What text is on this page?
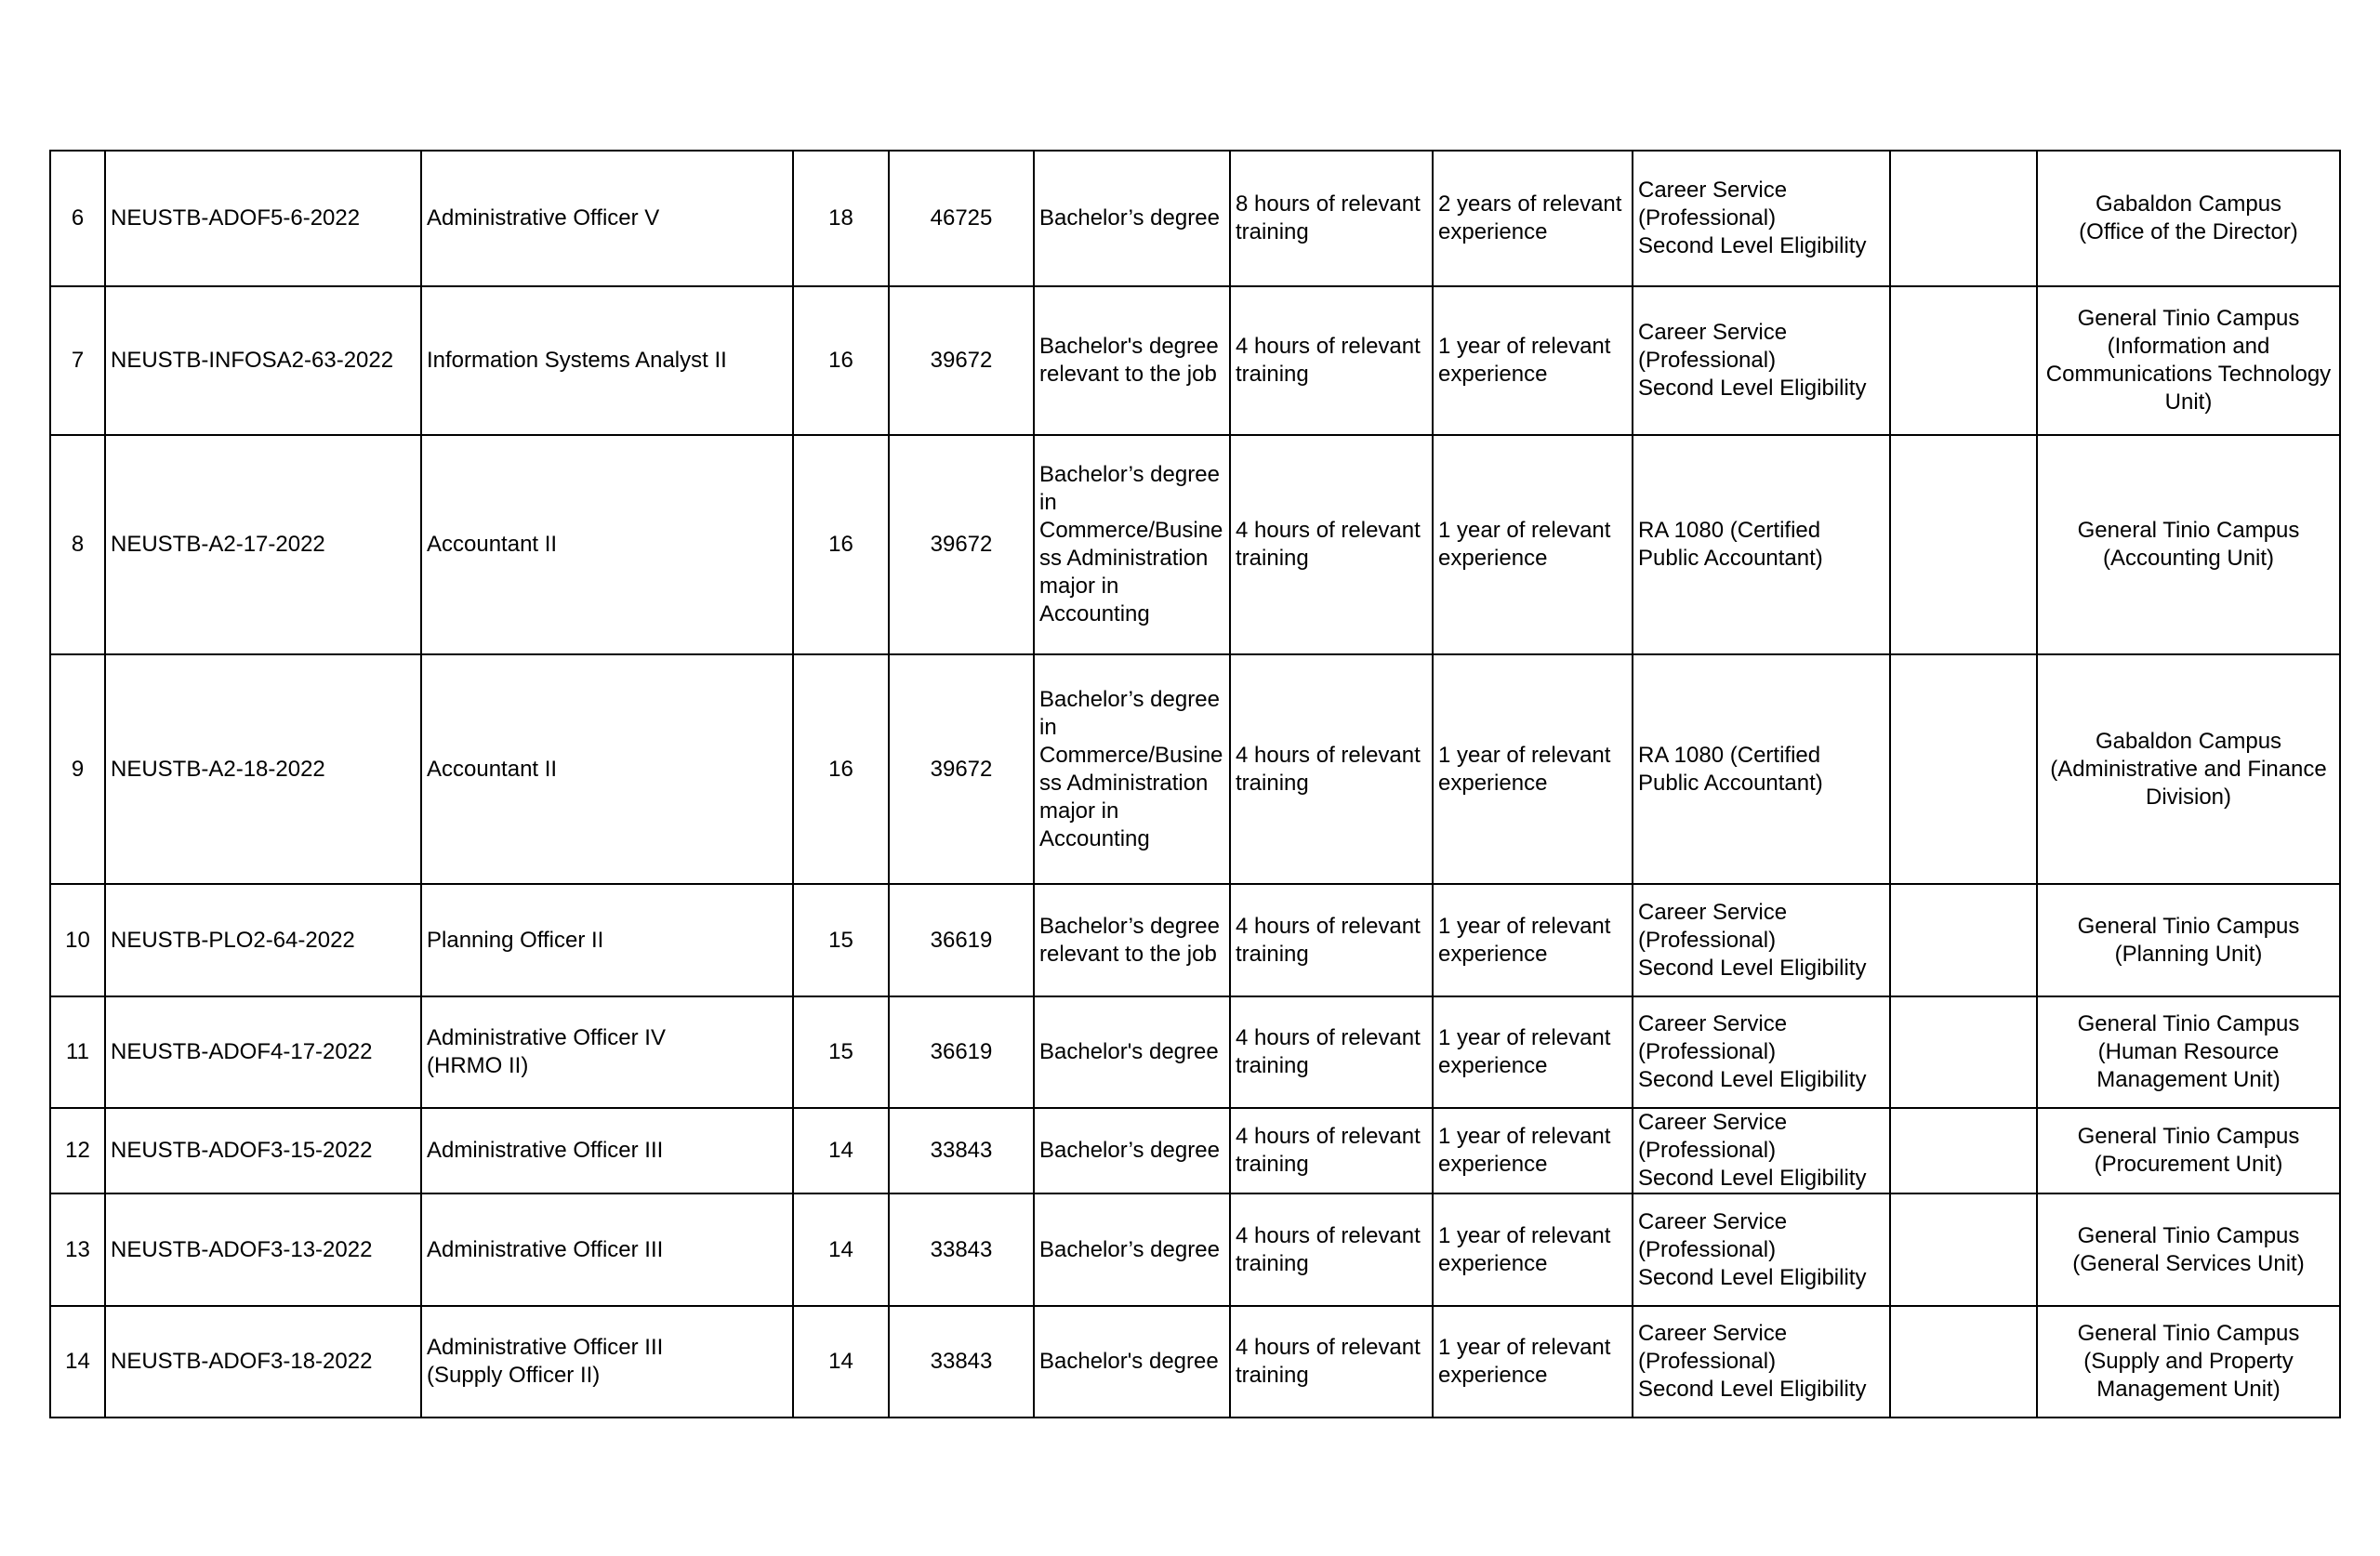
6	NEUSTB-ADOF5-6-2022	Administrative Officer V	18	46725	Bachelor’s degree	8 hours of relevant training	2 years of relevant experience	Career Service
(Professional)
Second Level Eligibility		Gabaldon Campus
(Office of the Director)
7	NEUSTB-INFOSA2-63-2022	Information Systems Analyst II	16	39672	Bachelor's degree relevant to the job	4 hours of relevant training	1 year of relevant experience	Career Service
(Professional)
Second Level Eligibility		General Tinio Campus
(Information and Communications Technology Unit)
8	NEUSTB-A2-17-2022	Accountant II	16	39672	Bachelor’s degree in Commerce/Business Administration major in Accounting	4 hours of relevant training	1 year of relevant experience	RA 1080 (Certified Public Accountant)		General Tinio Campus
(Accounting Unit)
9	NEUSTB-A2-18-2022	Accountant II	16	39672	Bachelor’s degree in Commerce/Business Administration major in Accounting	4 hours of relevant training	1 year of relevant experience	RA 1080 (Certified Public Accountant)		Gabaldon Campus
(Administrative and Finance Division)
10	NEUSTB-PLO2-64-2022	Planning Officer II	15	36619	Bachelor’s degree relevant to the job	4 hours of relevant training	1 year of relevant experience	Career Service
(Professional)
Second Level Eligibility		General Tinio Campus
(Planning Unit)
11	NEUSTB-ADOF4-17-2022	Administrative Officer IV
(HRMO II)	15	36619	Bachelor's degree	4 hours of relevant training	1 year of relevant experience	Career Service
(Professional)
Second Level Eligibility		General Tinio Campus
(Human Resource Management Unit)
12	NEUSTB-ADOF3-15-2022	Administrative Officer III	14	33843	Bachelor’s degree	4 hours of relevant training	1 year of relevant experience	Career Service
(Professional)
Second Level Eligibility		General Tinio Campus
(Procurement Unit)
13	NEUSTB-ADOF3-13-2022	Administrative Officer III	14	33843	Bachelor’s degree	4 hours of relevant training	1 year of relevant experience	Career Service
(Professional)
Second Level Eligibility		General Tinio Campus
(General Services Unit)
14	NEUSTB-ADOF3-18-2022	Administrative Officer III
(Supply Officer II)	14	33843	Bachelor's degree	4 hours of relevant training	1 year of relevant experience	Career Service
(Professional)
Second Level Eligibility		General Tinio Campus
(Supply and Property Management Unit)
